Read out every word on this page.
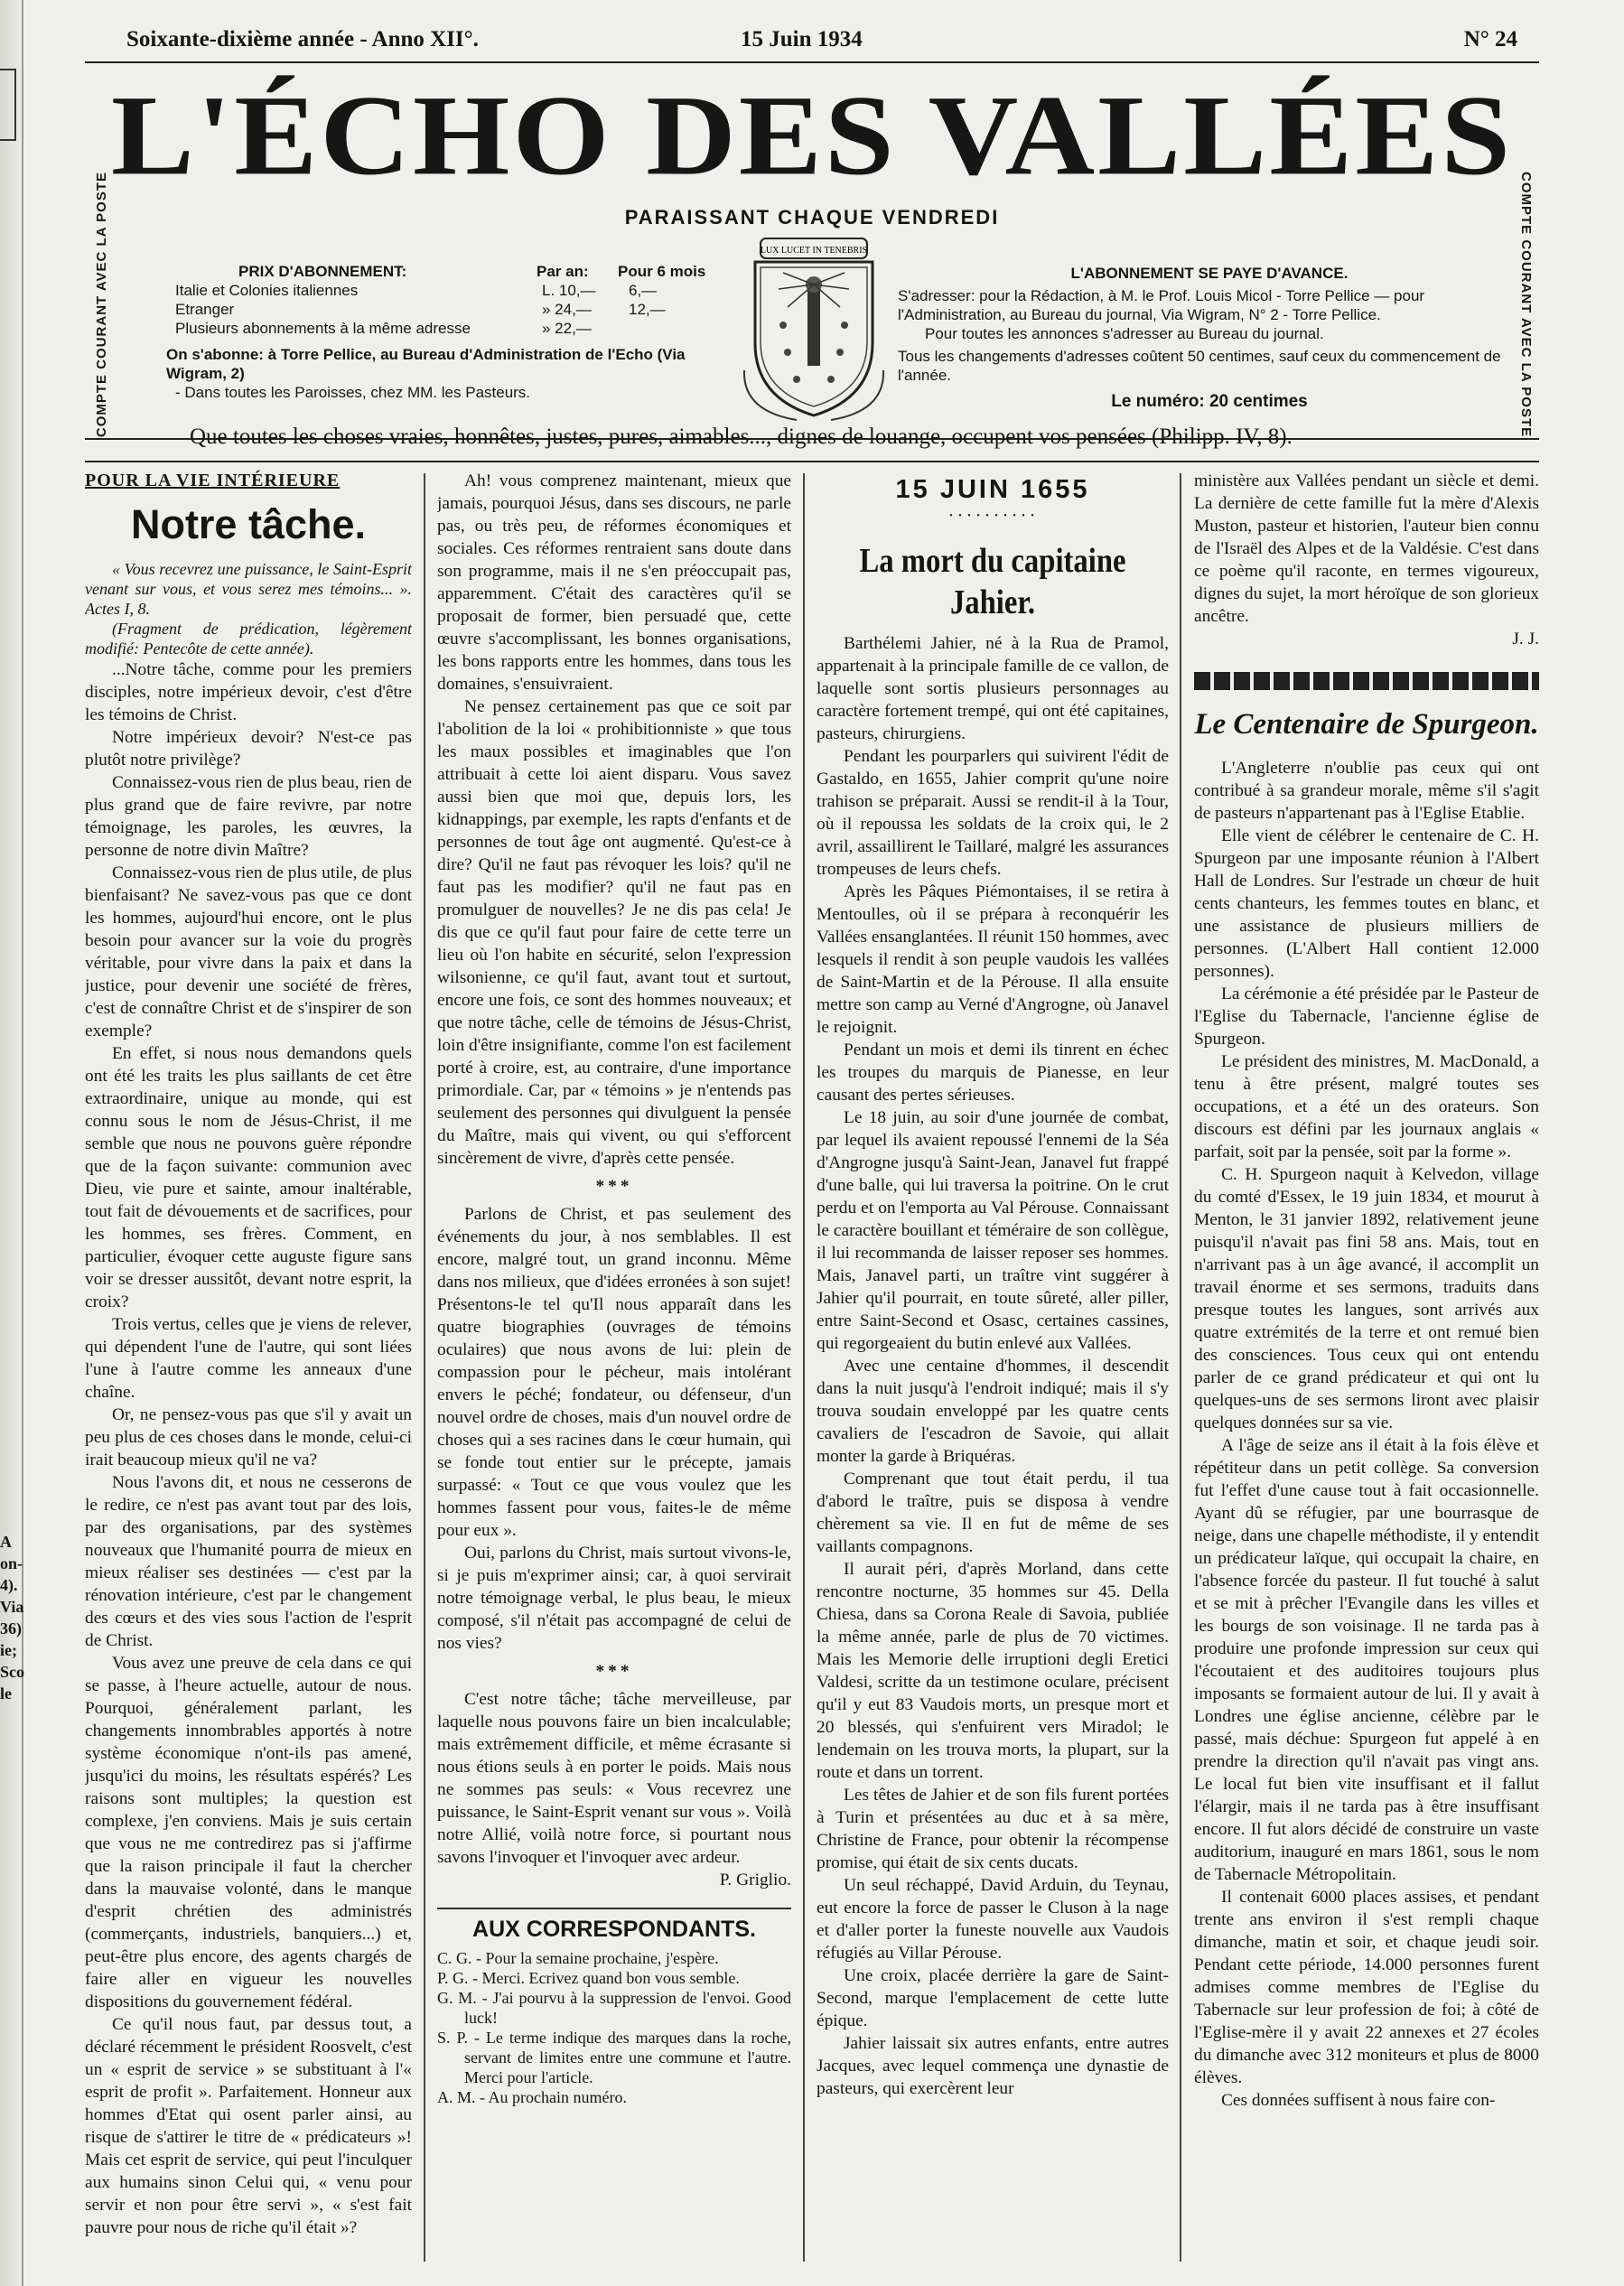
A on- 4). Via 36) ie; Sco le
Soixante-dixième année - Anno XII°.	15 Juin 1934	N° 24
COMPTE COURANT AVEC LA POSTE	COMPTE COURANT AVEC LA POSTE
L'ÉCHO DES VALLÉES
PARAISSANT CHAQUE VENDREDI
LUX LUCET IN TENEBRIS
PRIX D'ABONNEMENT:	Par an:	Pour 6 mois
Italie et Colonies italiennes	L. 10,—	6,—
Etranger	» 24,—	12,—
Plusieurs abonnements à la même adresse	» 22,—	
On s'abonne: à Torre Pellice, au Bureau d'Administration de l'Echo (Via Wigram, 2)
- Dans toutes les Paroisses, chez MM. les Pasteurs.
L'ABONNEMENT SE PAYE D'AVANCE.
S'adresser: pour la Rédaction, à M. le Prof. Louis Micol - Torre Pellice — pour l'Administration, au Bureau du journal, Via Wigram, N° 2 - Torre Pellice.
Pour toutes les annonces s'adresser au Bureau du journal.
Tous les changements d'adresses coûtent 50 centimes, sauf ceux du commencement de l'année.
Le numéro: 20 centimes
Que toutes les choses vraies, honnêtes, justes, pures, aimables..., dignes de louange, occupent vos pensées (Philipp. IV, 8).
POUR LA VIE INTÉRIEURE
Notre tâche.

« Vous recevrez une puissance, le Saint-Esprit venant sur vous, et vous serez mes témoins... ». Actes I, 8.

(Fragment de prédication, légèrement modifié: Pentecôte de cette année).

...Notre tâche, comme pour les premiers disciples, notre impérieux devoir, c'est d'être les témoins de Christ.

Notre impérieux devoir? N'est-ce pas plutôt notre privilège?

Connaissez-vous rien de plus beau, rien de plus grand que de faire revivre, par notre témoignage, les paroles, les œuvres, la personne de notre divin Maître?

Connaissez-vous rien de plus utile, de plus bienfaisant? Ne savez-vous pas que ce dont les hommes, aujourd'hui encore, ont le plus besoin pour avancer sur la voie du progrès véritable, pour vivre dans la paix et dans la justice, pour devenir une société de frères, c'est de connaître Christ et de s'inspirer de son exemple?

En effet, si nous nous demandons quels ont été les traits les plus saillants de cet être extraordinaire, unique au monde, qui est connu sous le nom de Jésus-Christ, il me semble que nous ne pouvons guère répondre que de la façon suivante: communion avec Dieu, vie pure et sainte, amour inaltérable, tout fait de dévouements et de sacrifices, pour les hommes, ses frères. Comment, en particulier, évoquer cette auguste figure sans voir se dresser aussitôt, devant notre esprit, la croix?

Trois vertus, celles que je viens de relever, qui dépendent l'une de l'autre, qui sont liées l'une à l'autre comme les anneaux d'une chaîne.

Or, ne pensez-vous pas que s'il y avait un peu plus de ces choses dans le monde, celui-ci irait beaucoup mieux qu'il ne va?

Nous l'avons dit, et nous ne cesserons de le redire, ce n'est pas avant tout par des lois, par des organisations, par des systèmes nouveaux que l'humanité pourra de mieux en mieux réaliser ses destinées — c'est par la rénovation intérieure, c'est par le changement des cœurs et des vies sous l'action de l'esprit de Christ.

Vous avez une preuve de cela dans ce qui se passe, à l'heure actuelle, autour de nous. Pourquoi, généralement parlant, les changements innombrables apportés à notre système économique n'ont-ils pas amené, jusqu'ici du moins, les résultats espérés? Les raisons sont multiples; la question est complexe, j'en conviens. Mais je suis certain que vous ne me contredirez pas si j'affirme que la raison principale il faut la chercher dans la mauvaise volonté, dans le manque d'esprit chrétien des administrés (commerçants, industriels, banquiers...) et, peut-être plus encore, des agents chargés de faire aller en vigueur les nouvelles dispositions du gouvernement fédéral.

Ce qu'il nous faut, par dessus tout, a déclaré récemment le président Roosvelt, c'est un « esprit de service » se substituant à l'« esprit de profit ». Parfaitement. Honneur aux hommes d'Etat qui osent parler ainsi, au risque de s'attirer le titre de « prédicateurs »! Mais cet esprit de service, qui peut l'inculquer aux humains sinon Celui qui, « venu pour servir et non pour être servi », « s'est fait pauvre pour nous de riche qu'il était »?

Ah! vous comprenez maintenant, mieux que jamais, pourquoi Jésus, dans ses discours, ne parle pas, ou très peu, de réformes économiques et sociales. Ces réformes rentraient sans doute dans son programme, mais il ne s'en préoccupait pas, apparemment. C'était des caractères qu'il se proposait de former, bien persuadé que, cette œuvre s'accomplissant, les bonnes organisations, les bons rapports entre les hommes, dans tous les domaines, s'ensuivraient.

Ne pensez certainement pas que ce soit par l'abolition de la loi « prohibitionniste » que tous les maux possibles et imaginables que l'on attribuait à cette loi aient disparu. Vous savez aussi bien que moi que, depuis lors, les kidnappings, par exemple, les rapts d'enfants et de personnes de tout âge ont augmenté. Qu'est-ce à dire? Qu'il ne faut pas révoquer les lois? qu'il ne faut pas les modifier? qu'il ne faut pas en promulguer de nouvelles? Je ne dis pas cela! Je dis que ce qu'il faut pour faire de cette terre un lieu où l'on habite en sécurité, selon l'expression wilsonienne, ce qu'il faut, avant tout et surtout, encore une fois, ce sont des hommes nouveaux; et que notre tâche, celle de témoins de Jésus-Christ, loin d'être insignifiante, comme l'on est facilement porté à croire, est, au contraire, d'une importance primordiale. Car, par « témoins » je n'entends pas seulement des personnes qui divulguent la pensée du Maître, mais qui vivent, ou qui s'efforcent sincèrement de vivre, d'après cette pensée.

***

Parlons de Christ, et pas seulement des événements du jour, à nos semblables. Il est encore, malgré tout, un grand inconnu. Même dans nos milieux, que d'idées erronées à son sujet! Présentons-le tel qu'Il nous apparaît dans les quatre biographies (ouvrages de témoins oculaires) que nous avons de lui: plein de compassion pour le pécheur, mais intolérant envers le péché; fondateur, ou défenseur, d'un nouvel ordre de choses, mais d'un nouvel ordre de choses qui a ses racines dans le cœur humain, qui se fonde tout entier sur le précepte, jamais surpassé: « Tout ce que vous voulez que les hommes fassent pour vous, faites-le de même pour eux ».

Oui, parlons du Christ, mais surtout vivons-le, si je puis m'exprimer ainsi; car, à quoi servirait notre témoignage verbal, le plus beau, le mieux composé, s'il n'était pas accompagné de celui de nos vies?

***

C'est notre tâche; tâche merveilleuse, par laquelle nous pouvons faire un bien incalculable; mais extrêmement difficile, et même écrasante si nous étions seuls à en porter le poids. Mais nous ne sommes pas seuls: « Vous recevrez une puissance, le Saint-Esprit venant sur vous ». Voilà notre Allié, voilà notre force, si pourtant nous savons l'invoquer et l'invoquer avec ardeur.

P. Griglio.
AUX CORRESPONDANTS.

C. G. - Pour la semaine prochaine, j'espère.

P. G. - Merci. Ecrivez quand bon vous semble.

G. M. - J'ai pourvu à la suppression de l'envoi. Good luck!

S. P. - Le terme indique des marques dans la roche, servant de limites entre une commune et l'autre. Merci pour l'article.

A. M. - Au prochain numéro.

15 JUIN 1655
• • • • • • • • • •
La mort du capitaine Jahier.

Barthélemi Jahier, né à la Rua de Pramol, appartenait à la principale famille de ce vallon, de laquelle sont sortis plusieurs personnages au caractère fortement trempé, qui ont été capitaines, pasteurs, chirurgiens.

Pendant les pourparlers qui suivirent l'édit de Gastaldo, en 1655, Jahier comprit qu'une noire trahison se préparait. Aussi se rendit-il à la Tour, où il repoussa les soldats de la croix qui, le 2 avril, assaillirent le Taillaré, malgré les assurances trompeuses de leurs chefs.

Après les Pâques Piémontaises, il se retira à Mentoulles, où il se prépara à reconquérir les Vallées ensanglantées. Il réunit 150 hommes, avec lesquels il rendit à son peuple vaudois les vallées de Saint-Martin et de la Pérouse. Il alla ensuite mettre son camp au Verné d'Angrogne, où Janavel le rejoignit.

Pendant un mois et demi ils tinrent en échec les troupes du marquis de Pianesse, en leur causant des pertes sérieuses.

Le 18 juin, au soir d'une journée de combat, par lequel ils avaient repoussé l'ennemi de la Séa d'Angrogne jusqu'à Saint-Jean, Janavel fut frappé d'une balle, qui lui traversa la poitrine. On le crut perdu et on l'emporta au Val Pérouse. Connaissant le caractère bouillant et téméraire de son collègue, il lui recommanda de laisser reposer ses hommes. Mais, Janavel parti, un traître vint suggérer à Jahier qu'il pourrait, en toute sûreté, aller piller, entre Saint-Second et Osasc, certaines cassines, qui regorgeaient du butin enlevé aux Vallées.

Avec une centaine d'hommes, il descendit dans la nuit jusqu'à l'endroit indiqué; mais il s'y trouva soudain enveloppé par les quatre cents cavaliers de l'escadron de Savoie, qui allait monter la garde à Briquéras.

Comprenant que tout était perdu, il tua d'abord le traître, puis se disposa à vendre chèrement sa vie. Il en fut de même de ses vaillants compagnons.

Il aurait péri, d'après Morland, dans cette rencontre nocturne, 35 hommes sur 45. Della Chiesa, dans sa Corona Reale di Savoia, publiée la même année, parle de plus de 70 victimes. Mais les Memorie delle irruptioni degli Eretici Valdesi, scritte da un testimone oculare, précisent qu'il y eut 83 Vaudois morts, un presque mort et 20 blessés, qui s'enfuirent vers Miradol; le lendemain on les trouva morts, la plupart, sur la route et dans un torrent.

Les têtes de Jahier et de son fils furent portées à Turin et présentées au duc et à sa mère, Christine de France, pour obtenir la récompense promise, qui était de six cents ducats.

Un seul réchappé, David Arduin, du Teynau, eut encore la force de passer le Cluson à la nage et d'aller porter la funeste nouvelle aux Vaudois réfugiés au Villar Pérouse.

Une croix, placée derrière la gare de Saint-Second, marque l'emplacement de cette lutte épique.

Jahier laissait six autres enfants, entre autres Jacques, avec lequel commença une dynastie de pasteurs, qui exercèrent leur

ministère aux Vallées pendant un siècle et demi. La dernière de cette famille fut la mère d'Alexis Muston, pasteur et historien, l'auteur bien connu de l'Israël des Alpes et de la Valdésie. C'est dans ce poème qu'il raconte, en termes vigoureux, dignes du sujet, la mort héroïque de son glorieux ancêtre.

J. J.
Le Centenaire de Spurgeon.

L'Angleterre n'oublie pas ceux qui ont contribué à sa grandeur morale, même s'il s'agit de pasteurs n'appartenant pas à l'Eglise Etablie.

Elle vient de célébrer le centenaire de C. H. Spurgeon par une imposante réunion à l'Albert Hall de Londres. Sur l'estrade un chœur de huit cents chanteurs, les femmes toutes en blanc, et une assistance de plusieurs milliers de personnes. (L'Albert Hall contient 12.000 personnes).

La cérémonie a été présidée par le Pasteur de l'Eglise du Tabernacle, l'ancienne église de Spurgeon.

Le président des ministres, M. MacDonald, a tenu à être présent, malgré toutes ses occupations, et a été un des orateurs. Son discours est défini par les journaux anglais « parfait, soit par la pensée, soit par la forme ».

C. H. Spurgeon naquit à Kelvedon, village du comté d'Essex, le 19 juin 1834, et mourut à Menton, le 31 janvier 1892, relativement jeune puisqu'il n'avait pas fini 58 ans. Mais, tout en n'arrivant pas à un âge avancé, il accomplit un travail énorme et ses sermons, traduits dans presque toutes les langues, sont arrivés aux quatre extrémités de la terre et ont remué bien des consciences. Tous ceux qui ont entendu parler de ce grand prédicateur et qui ont lu quelques-uns de ses sermons liront avec plaisir quelques données sur sa vie.

A l'âge de seize ans il était à la fois élève et répétiteur dans un petit collège. Sa conversion fut l'effet d'une cause tout à fait occasionnelle. Ayant dû se réfugier, par une bourrasque de neige, dans une chapelle méthodiste, il y entendit un prédicateur laïque, qui occupait la chaire, en l'absence forcée du pasteur. Il fut touché à salut et se mit à prêcher l'Evangile dans les villes et les bourgs de son voisinage. Il ne tarda pas à produire une profonde impression sur ceux qui l'écoutaient et des auditoires toujours plus imposants se formaient autour de lui. Il y avait à Londres une église ancienne, célèbre par le passé, mais déchue: Spurgeon fut appelé à en prendre la direction qu'il n'avait pas vingt ans. Le local fut bien vite insuffisant et il fallut l'élargir, mais il ne tarda pas à être insuffisant encore. Il fut alors décidé de construire un vaste auditorium, inauguré en mars 1861, sous le nom de Tabernacle Métropolitain.

Il contenait 6000 places assises, et pendant trente ans environ il s'est rempli chaque dimanche, matin et soir, et chaque jeudi soir. Pendant cette période, 14.000 personnes furent admises comme membres de l'Eglise du Tabernacle sur leur profession de foi; à côté de l'Eglise-mère il y avait 22 annexes et 27 écoles du dimanche avec 312 moniteurs et plus de 8000 élèves.

Ces données suffisent à nous faire con-
